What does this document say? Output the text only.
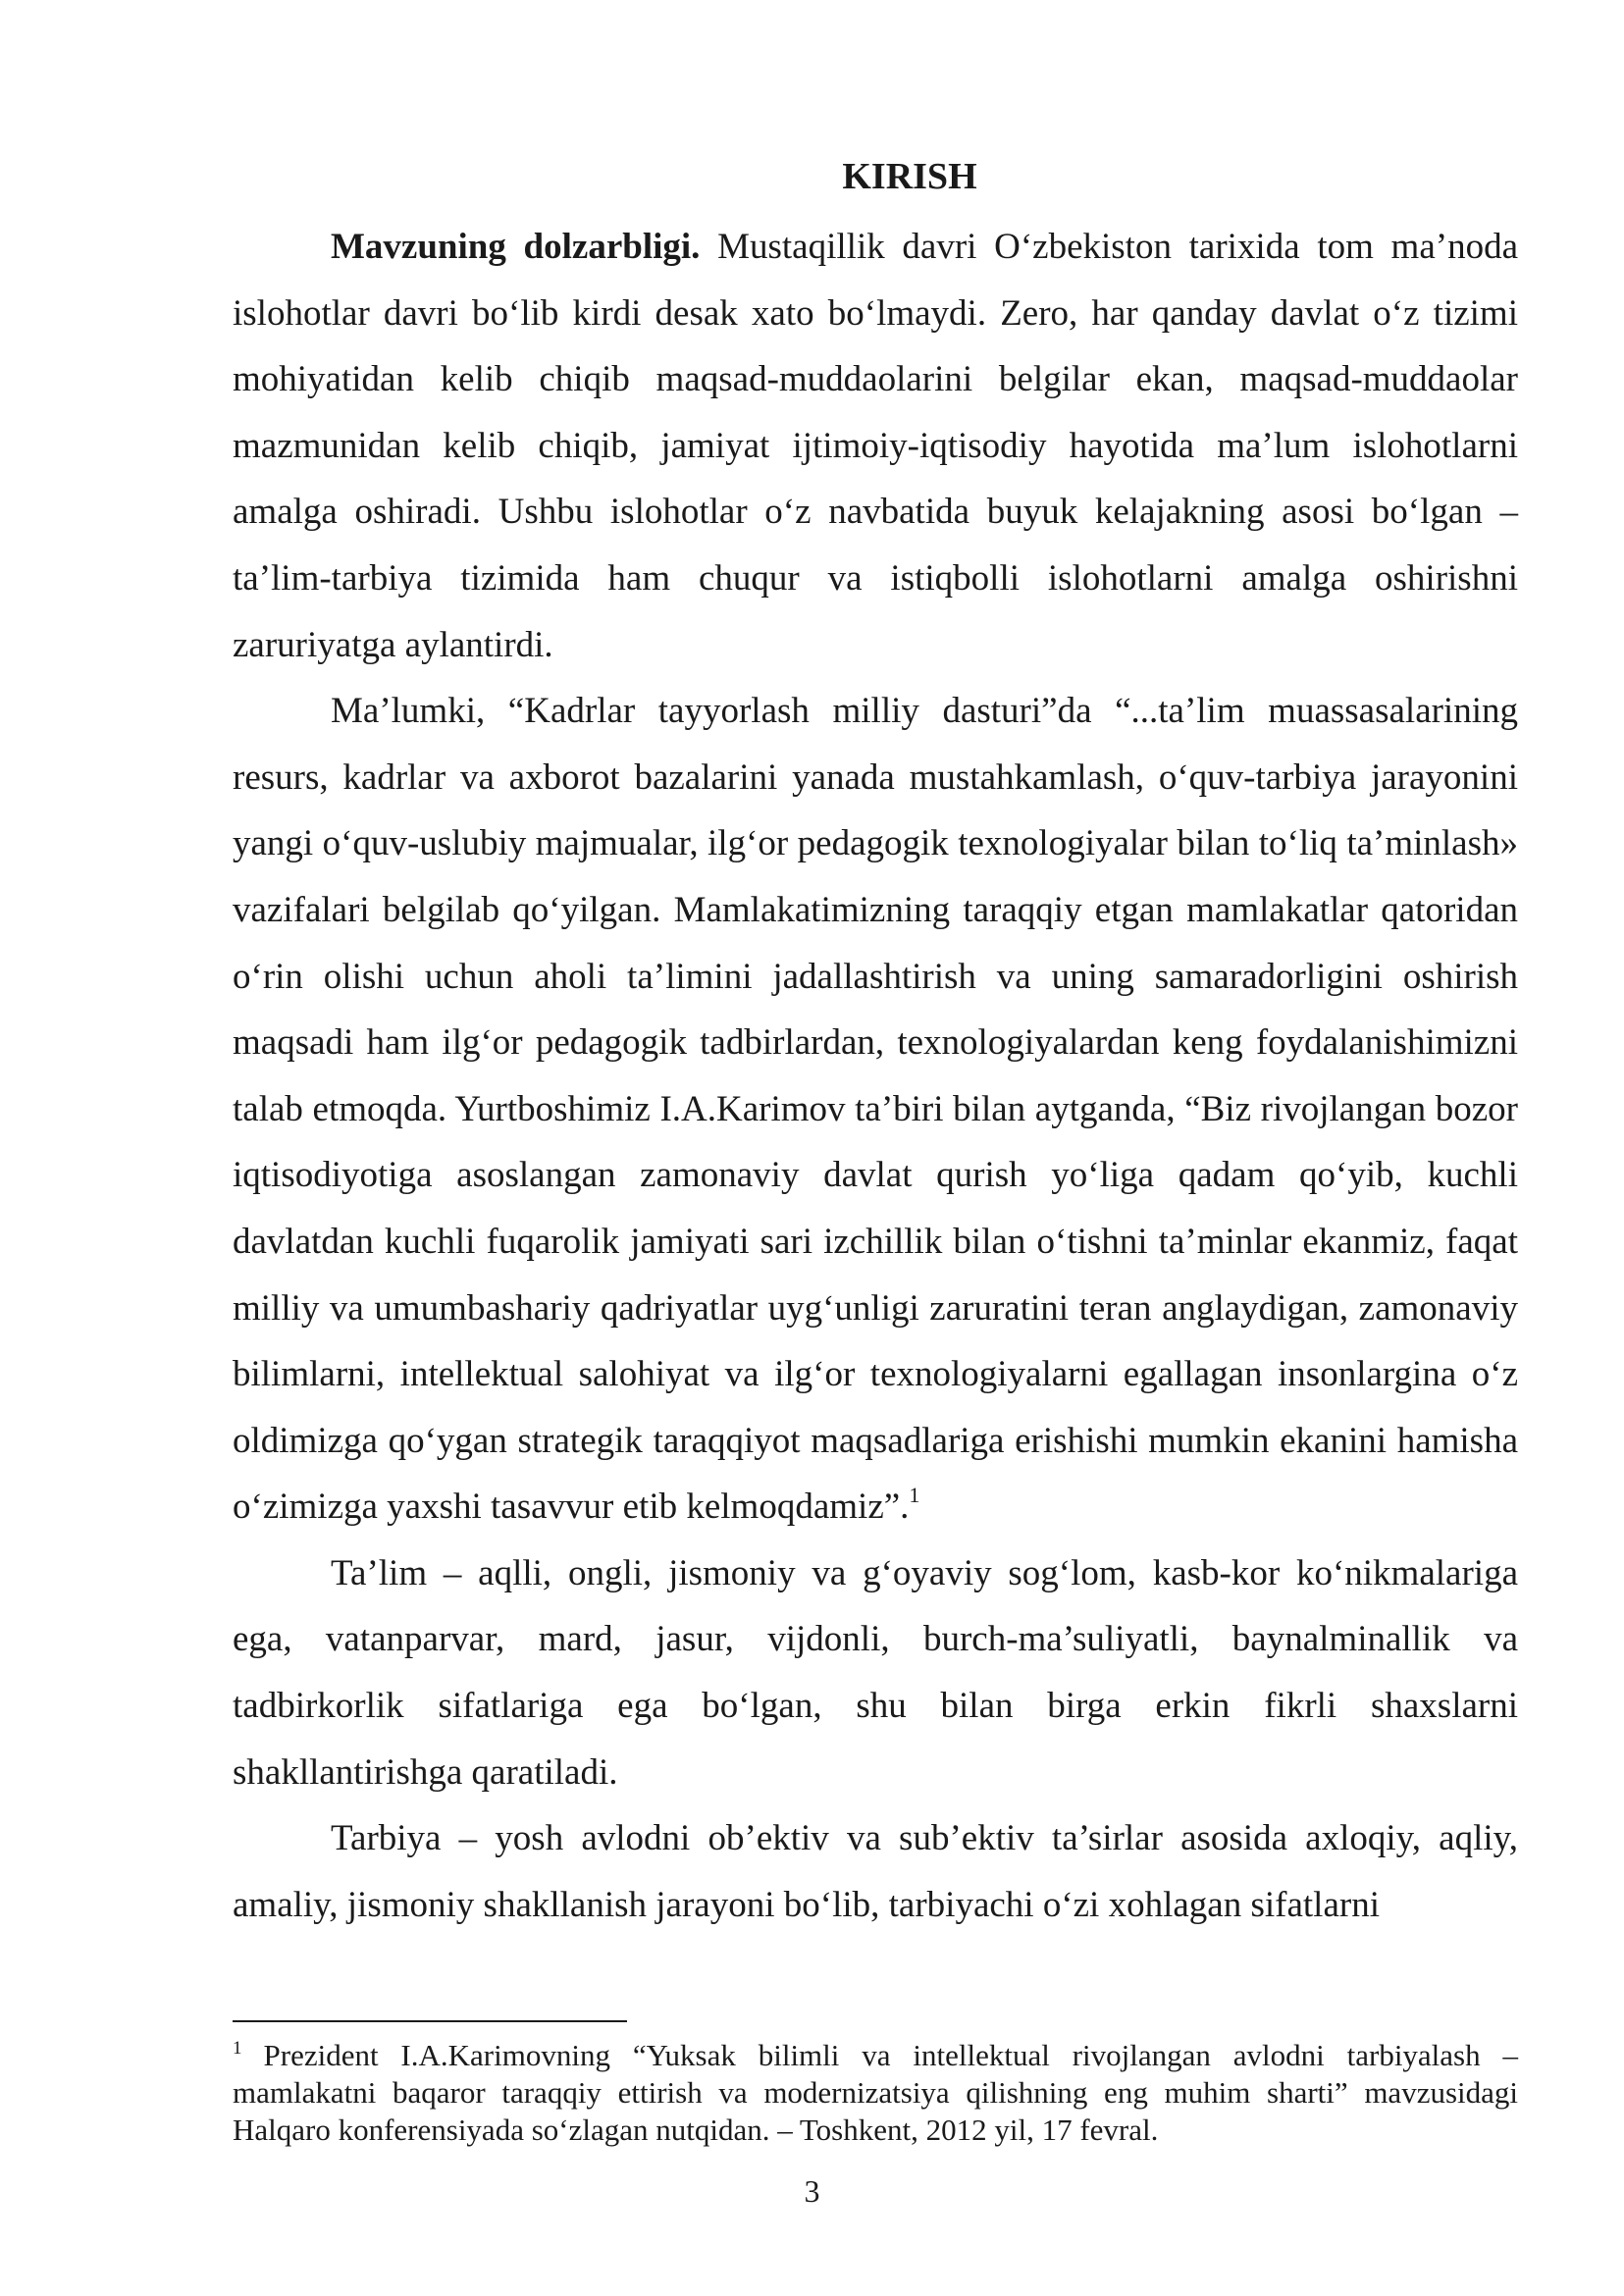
KIRISH

Mavzuning dolzarbligi. Mustaqillik davri O‘zbekiston tarixida tom ma’noda islohotlar davri bo‘lib kirdi desak xato bo‘lmaydi. Zero, har qanday davlat o‘z tizimi mohiyatidan kelib chiqib maqsad-muddaolarini belgilar ekan, maqsad-muddaolar mazmunidan kelib chiqib, jamiyat ijtimoiy-iqtisodiy hayotida ma’lum islohotlarni amalga oshiradi. Ushbu islohotlar o‘z navbatida buyuk kelajakning asosi bo‘lgan – ta’lim-tarbiya tizimida ham chuqur va istiqbolli islohotlarni amalga oshirishni zaruriyatga aylantirdi.

Ma’lumki, “Kadrlar tayyorlash milliy dasturi”da “...ta’lim muassasalarining resurs, kadrlar va axborot bazalarini yanada mustahkamlash, o‘quv-tarbiya jarayonini yangi o‘quv-uslubiy majmualar, ilg‘or pedagogik texnologiyalar bilan to‘liq ta’minlash» vazifalari belgilab qo‘yilgan. Mamlakatimizning taraqqiy etgan mamlakatlar qatoridan o‘rin olishi uchun aholi ta’limini jadallashtirish va uning samaradorligini oshirish maqsadi ham ilg‘or pedagogik tadbirlardan, texnologiyalardan keng foydalanishimizni talab etmoqda. Yurtboshimiz I.A.Karimov ta’biri bilan aytganda, “Biz rivojlangan bozor iqtisodiyotiga asoslangan zamonaviy davlat qurish yo‘liga qadam qo‘yib, kuchli davlatdan kuchli fuqarolik jamiyati sari izchillik bilan o‘tishni ta’minlar ekanmiz, faqat milliy va umumbashariy qadriyatlar uyg‘unligi zaruratini teran anglaydigan, zamonaviy bilimlarni, intellektual salohiyat va ilg‘or texnologiyalarni egallagan insonlargina o‘z oldimizga qo‘ygan strategik taraqqiyot maqsadlariga erishishi mumkin ekanini hamisha o‘zimizga yaxshi tasavvur etib kelmoqdamiz”.$^1$

Ta’lim – aqlli, ongli, jismoniy va g‘oyaviy sog‘lom, kasb-kor ko‘nikmalariga ega, vatanparvar, mard, jasur, vijdonli, burch-ma’suliyatli, baynalminallik va tadbirkorlik sifatlariga ega bo‘lgan, shu bilan birga erkin fikrli shaxslarni shakllantirishga qaratiladi.

Tarbiya – yosh avlodni ob’ektiv va sub’ektiv ta’sirlar asosida axloqiy, aqliy, amaliy, jismoniy shakllanish jarayoni bo‘lib, tarbiyachi o‘zi xohlagan sifatlarni

$^1$ Prezident I.A.Karimovning “Yuksak bilimli va intellektual rivojlangan avlodni tarbiyalash – mamlakatni baqaror taraqqiy ettirish va modernizatsiya qilishning eng muhim sharti” mavzusidagi Halqaro konferensiyada so‘zlagan nutqidan. – Toshkent, 2012 yil, 17 fevral.

3
